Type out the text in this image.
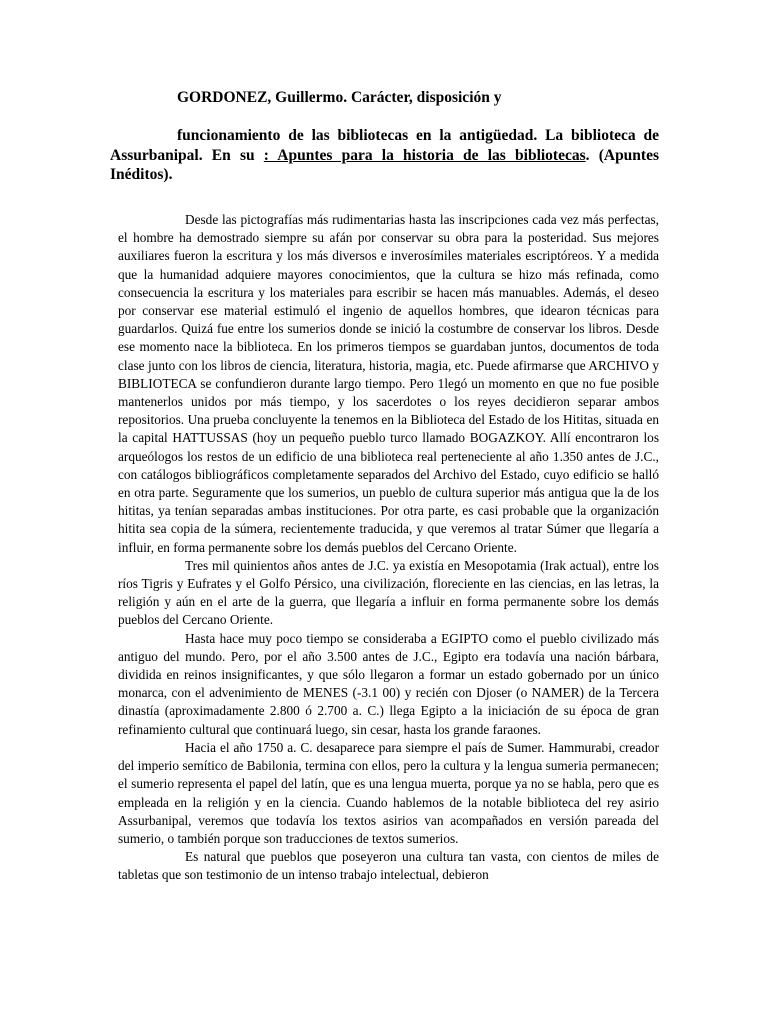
GORDONEZ, Guillermo. Carácter, disposición y
funcionamiento de las bibliotecas en la antigüedad. La biblioteca de Assurbanipal. En su : Apuntes para la historia de las bibliotecas. (Apuntes Inéditos).

Desde las pictografías más rudimentarias hasta las inscripciones cada vez más perfectas, el hombre ha demostrado siempre su afán por conservar su obra para la posteridad. Sus mejores auxiliares fueron la escritura y los más diversos e inverosímiles materiales escriptóreos. Y a medida que la humanidad adquiere mayores conocimientos, que la cultura se hizo más refinada, como consecuencia la escritura y los materiales para escribir se hacen más manuables. Además, el deseo por conservar ese material estimuló el ingenio de aquellos hombres, que idearon técnicas para guardarlos. Quizá fue entre los sumerios donde se inició la costumbre de conservar los libros. Desde ese momento nace la biblioteca. En los primeros tiempos se guardaban juntos, documentos de toda clase junto con los libros de ciencia, literatura, historia, magia, etc. Puede afirmarse que ARCHIVO y BIBLIOTECA se confundieron durante largo tiempo. Pero 1legó un momento en que no fue posible mantenerlos unidos por más tiempo, y los sacerdotes o los reyes decidieron separar ambos repositorios. Una prueba concluyente la tenemos en la Biblioteca del Estado de los Hititas, situada en la capital HATTUSSAS (hoy un pequeño pueblo turco llamado BOGAZKOY. Allí encontraron los arqueólogos los restos de un edificio de una biblioteca real perteneciente al año 1.350 antes de J.C., con catálogos bibliográficos completamente separados del Archivo del Estado, cuyo edificio se halló en otra parte. Seguramente que los sumerios, un pueblo de cultura superior más antigua que la de los hititas, ya tenían separadas ambas instituciones. Por otra parte, es casi probable que la organización hitita sea copia de la súmera, recientemente traducida, y que veremos al tratar Súmer que llegaría a influir, en forma permanente sobre los demás pueblos del Cercano Oriente.

Tres mil quinientos años antes de J.C. ya existía en Mesopotamia (Irak actual), entre los ríos Tigris y Eufrates y el Golfo Pérsico, una civilización, floreciente en las ciencias, en las letras, la religión y aún en el arte de la guerra, que llegaría a influir en forma permanente sobre los demás pueblos del Cercano Oriente.

Hasta hace muy poco tiempo se consideraba a EGIPTO como el pueblo civilizado más antiguo del mundo. Pero, por el año 3.500 antes de J.C., Egipto era todavía una nación bárbara, dividida en reinos insignificantes, y que sólo llegaron a formar un estado gobernado por un único monarca, con el advenimiento de MENES (-3.1 00) y recién con Djoser (o NAMER) de la Tercera dinastía (aproximadamente 2.800 ó 2.700 a. C.) llega Egipto a la iniciación de su época de gran refinamiento cultural que continuará luego, sin cesar, hasta los grande faraones.

Hacia el año 1750 a. C. desaparece para siempre el país de Sumer. Hammurabi, creador del imperio semítico de Babilonia, termina con ellos, pero la cultura y la lengua sumeria permanecen; el sumerio representa el papel del latín, que es una lengua muerta, porque ya no se habla, pero que es empleada en la religión y en la ciencia. Cuando hablemos de la notable biblioteca del rey asirio Assurbanipal, veremos que todavía los textos asirios van acompañados en versión pareada del sumerio, o también porque son traducciones de textos sumerios.

Es natural que pueblos que poseyeron una cultura tan vasta, con cientos de miles de tabletas que son testimonio de un intenso trabajo intelectual, debieron
